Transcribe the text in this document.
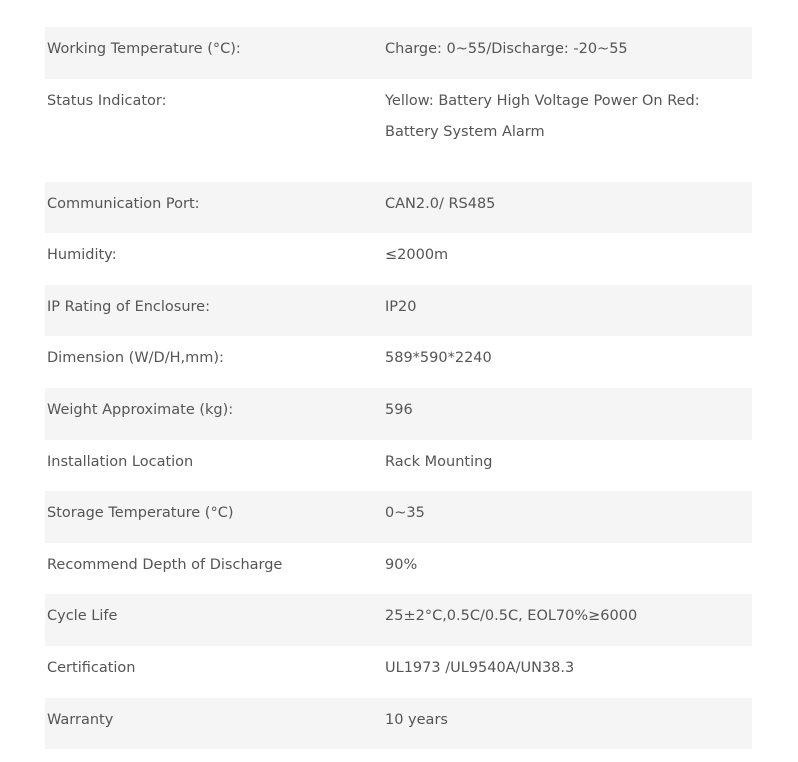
Working Temperature (°C):	Charge: 0~55/Discharge: -20~55
Status Indicator:	Yellow: Battery High Voltage Power On Red: Battery System Alarm
Communication Port:	CAN2.0/ RS485
Humidity:	≤2000m
IP Rating of Enclosure:	IP20
Dimension (W/D/H,mm):	589*590*2240
Weight Approximate (kg):	596
Installation Location	Rack Mounting
Storage Temperature (°C)	0~35
Recommend Depth of Discharge	90%
Cycle Life	25±2°C,0.5C/0.5C, EOL70%≥6000
Certification	UL1973 /UL9540A/UN38.3
Warranty	10 years
